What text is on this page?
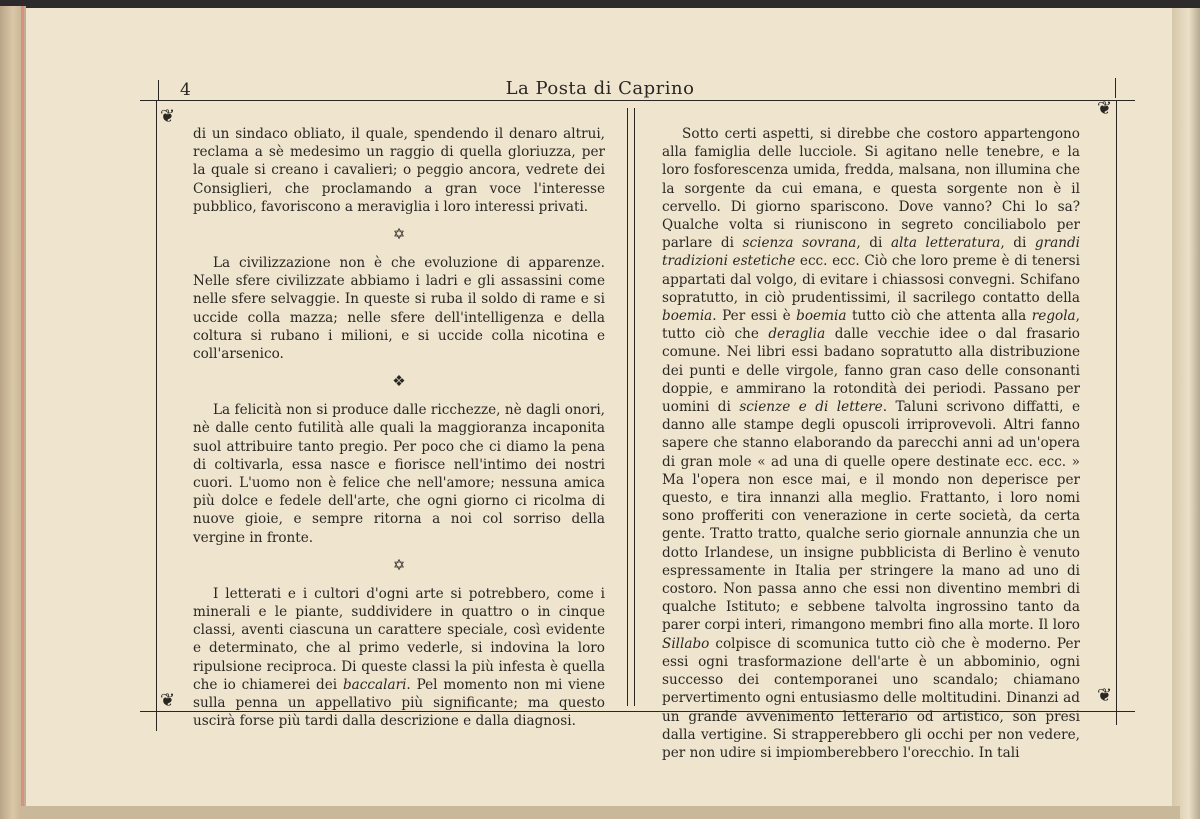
4	La Posta di Caprino
❦	❦
❦	❦

di un sindaco obliato, il quale, spendendo il denaro altrui, reclama a sè medesimo un raggio di quella gloriuzza, per la quale si creano i cavalieri; o peggio ancora, vedrete dei Consiglieri, che proclamando a gran voce l'interesse pubblico, favoriscono a meraviglia i loro interessi privati.

✡

La civilizzazione non è che evoluzione di apparenze. Nelle sfere civilizzate abbiamo i ladri e gli assassini come nelle sfere selvaggie. In queste si ruba il soldo di rame e si uccide colla mazza; nelle sfere dell'intelligenza e della coltura si rubano i milioni, e si uccide colla nicotina e coll'arsenico.

❖

La felicità non si produce dalle ricchezze, nè dagli onori, nè dalle cento futilità alle quali la maggioranza incaponita suol attribuire tanto pregio. Per poco che ci diamo la pena di coltivarla, essa nasce e fiorisce nell'intimo dei nostri cuori. L'uomo non è felice che nell'amore; nessuna amica più dolce e fedele dell'arte, che ogni giorno ci ricolma di nuove gioie, e sempre ritorna a noi col sorriso della vergine in fronte.

✡

I letterati e i cultori d'ogni arte si potrebbero, come i minerali e le piante, suddividere in quattro o in cinque classi, aventi ciascuna un carattere speciale, così evidente e determinato, che al primo vederle, si indovina la loro ripulsione reciproca. Di queste classi la più infesta è quella che io chiamerei dei baccalari. Pel momento non mi viene sulla penna un appellativo più significante; ma questo uscirà forse più tardi dalla descrizione e dalla diagnosi.

Sotto certi aspetti, si direbbe che costoro appartengono alla famiglia delle lucciole. Si agitano nelle tenebre, e la loro fosforescenza umida, fredda, malsana, non illumina che la sorgente da cui emana, e questa sorgente non è il cervello. Di giorno spariscono. Dove vanno? Chi lo sa? Qualche volta si riuniscono in segreto conciliabolo per parlare di scienza sovrana, di alta letteratura, di grandi tradizioni estetiche ecc. ecc. Ciò che loro preme è di tenersi appartati dal volgo, di evitare i chiassosi convegni. Schifano sopratutto, in ciò prudentissimi, il sacrilego contatto della boemia. Per essi è boemia tutto ciò che attenta alla regola, tutto ciò che deraglia dalle vecchie idee o dal frasario comune. Nei libri essi badano sopratutto alla distribuzione dei punti e delle virgole, fanno gran caso delle consonanti doppie, e ammirano la rotondità dei periodi. Passano per uomini di scienze e di lettere. Taluni scrivono diffatti, e danno alle stampe degli opuscoli irriprovevoli. Altri fanno sapere che stanno elaborando da parecchi anni ad un'opera di gran mole « ad una di quelle opere destinate ecc. ecc. » Ma l'opera non esce mai, e il mondo non deperisce per questo, e tira innanzi alla meglio. Frattanto, i loro nomi sono profferiti con venerazione in certe società, da certa gente. Tratto tratto, qualche serio giornale annunzia che un dotto Irlandese, un insigne pubblicista di Berlino è venuto espressamente in Italia per stringere la mano ad uno di costoro. Non passa anno che essi non diventino membri di qualche Istituto; e sebbene talvolta ingrossino tanto da parer corpi interi, rimangono membri fino alla morte. Il loro Sillabo colpisce di scomunica tutto ciò che è moderno. Per essi ogni trasformazione dell'arte è un abbominio, ogni successo dei contemporanei uno scandalo; chiamano pervertimento ogni entusiasmo delle moltitudini. Dinanzi ad un grande avvenimento letterario od artistico, son presi dalla vertigine. Si strapperebbero gli occhi per non vedere, per non udire si impiomberebbero l'orecchio. In tali
